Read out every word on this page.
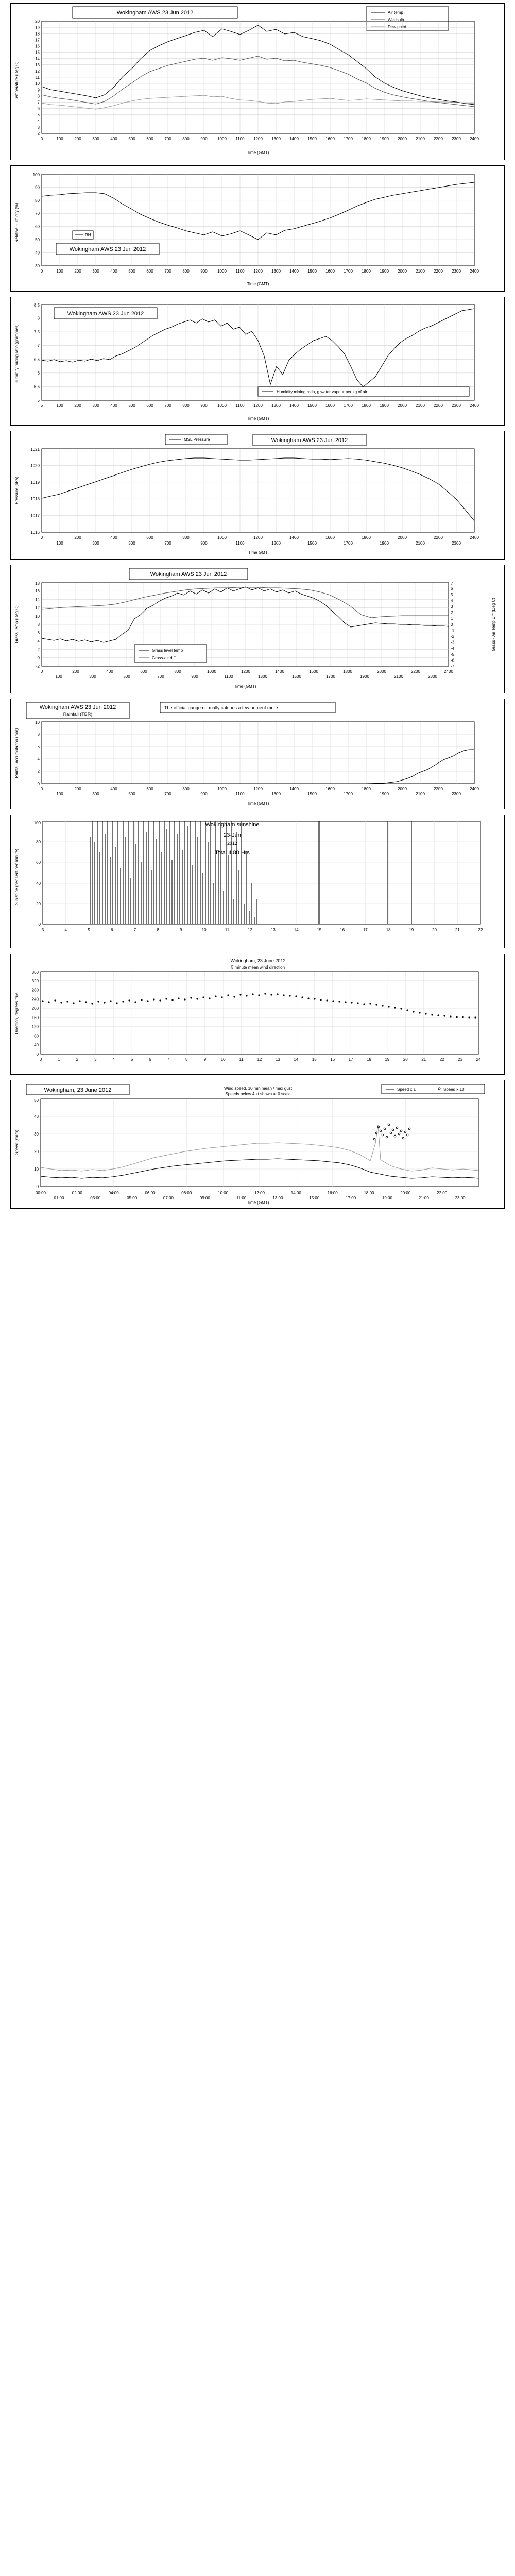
Wokingham AWS 23 Jun 2012	Air temp
Wet bulb
Dew point
2
3
4
5
6
7
8
9
10
11
12
13
14
15
16
17
18
19
20
0	100	200	300	400	500	600	700	800	900 1000 1100 1200 1300 1400 1500 1600 1700 1800 1900 2000 2100 2200 2300 2400
Time (GMT)
Temperature (Deg C)
30
40
50
60
70
80
90
100
0	100	200	300	400	500	600	700	800	900 1000 1100 1200 1300 1400 1500 1600 1700 1800 1900 2000 2100 2200 2300 2400
RH
Wokingham AWS 23 Jun 2012
Time (GMT)
Relative Humidity (%)
5
5.5
6
6.5
7
7.5
8
8.5
5	100	200	300	400	500	600	700	800	900 1000 1100 1200 1300 1400 1500 1600 1700 1800 1900 2000 2100 2200 2300 2400
Wokingham AWS 23 Jun 2012
Humidity mixing ratio, g water vapour per kg of air
Time (GMT)
Humidity mixing ratio (grammes)
MSL Pressure	Wokingham AWS 23 Jun 2012
1016
1017
1018
1019
1020
1021
0	200	400	600	800	1000	1200	1400	1600	1800	2000	2200	2400
100	300	500	700	900	1100	1300	1500	1700	1900	2100	2300
Time GMT
Pressure (hPa)
Wokingham AWS 23 Jun 2012
-2
0
2
4
6
8
10
12
14
16
18
-7
-6
-5
-4
-3
-2
-1
0
1
2
3
4
5
6
7
0	200	400	600	800	1000	1200	1400	1600	1800	2000	2200	2400
100	300	500	700	900	1100	1300	1500	1700	1900	2100	2300
Grass level temp
Grass-air diff
Time (GMT)
Grass Temp (Deg C)	Grass - Air Temp Diff (Deg C)
Wokingham AWS 23 Jun 2012
Rainfall (TBR)
The official gauge normally catches a few percent more
0
2
4
6
8
10
0	200	400	600	800	1000	1200	1400	1600	1800	2000	2200	2400
100	300	500	700	900	1100	1300	1500	1700	1900	2100	2300
Time (GMT)
Rainfall accumulation (mm)
Wokingham sunshine
23-Jun
2012
Total 4.80 Hrs
0
20
40
60
80
100
3	4	5	6	7	8	9	10	11	12	13	14	15	16	17	18	19	20	21	22
Sunshine (per cent per minute)
Wokingham, 23 June 2012
5 minute mean wind direction
0
40
80
120
160
200
240
280
320
360
0	1	2	3	4	5	6	7	8	9	10	11	12	13	14	15	16	17	18	19	20	21	22	23	24
Direction, degrees true
Wokingham, 23 June 2012	Wind speed, 10 min mean / max gust
Speeds below 4 kt shown at 0 scale
Speed x 1	Speed x 10
0
10
20
30
40
50
00:00	02:00	04:00	06:00	08:00	10:00	12:00	14:00	16:00	18:00	20:00	22:00
01:00	03:00	05:00	07:00	09:00	11:00	13:00	15:00	17:00	19:00	21:00	23:00
Time (GMT)
Speed (km/h)
